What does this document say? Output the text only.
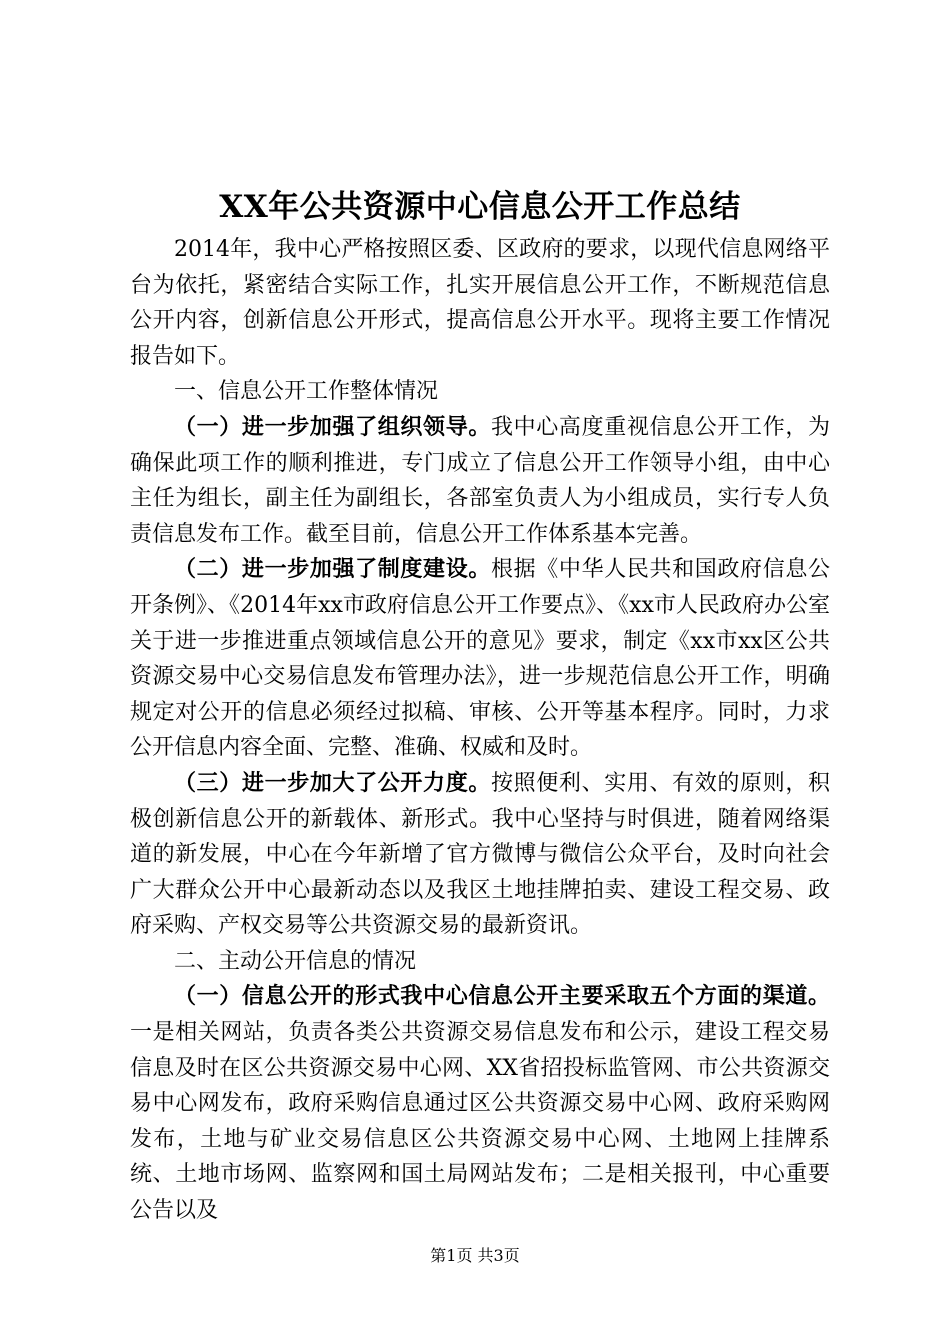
XX年公共资源中心信息公开工作总结

2014年，我中心严格按照区委、区政府的要求，以现代信息网络平台为依托，紧密结合实际工作，扎实开展信息公开工作，不断规范信息公开内容，创新信息公开形式，提高信息公开水平。现将主要工作情况报告如下。

一、信息公开工作整体情况

（一）进一步加强了组织领导。我中心高度重视信息公开工作，为确保此项工作的顺利推进，专门成立了信息公开工作领导小组，由中心主任为组长，副主任为副组长，各部室负责人为小组成员，实行专人负责信息发布工作。截至目前，信息公开工作体系基本完善。

（二）进一步加强了制度建设。根据《中华人民共和国政府信息公开条例》、《2014年xx市政府信息公开工作要点》、《xx市人民政府办公室关于进一步推进重点领域信息公开的意见》要求，制定《xx市xx区公共资源交易中心交易信息发布管理办法》，进一步规范信息公开工作，明确规定对公开的信息必须经过拟稿、审核、公开等基本程序。同时，力求公开信息内容全面、完整、准确、权威和及时。

（三）进一步加大了公开力度。按照便利、实用、有效的原则，积极创新信息公开的新载体、新形式。我中心坚持与时俱进，随着网络渠道的新发展，中心在今年新增了官方微博与微信公众平台，及时向社会广大群众公开中心最新动态以及我区土地挂牌拍卖、建设工程交易、政府采购、产权交易等公共资源交易的最新资讯。

二、主动公开信息的情况

（一）信息公开的形式我中心信息公开主要采取五个方面的渠道。一是相关网站，负责各类公共资源交易信息发布和公示，建设工程交易信息及时在区公共资源交易中心网、XX省招投标监管网、市公共资源交易中心网发布，政府采购信息通过区公共资源交易中心网、政府采购网发布，土地与矿业交易信息区公共资源交易中心网、土地网上挂牌系统、土地市场网、监察网和国土局网站发布；二是相关报刊，中心重要公告以及

第1页 共3页
